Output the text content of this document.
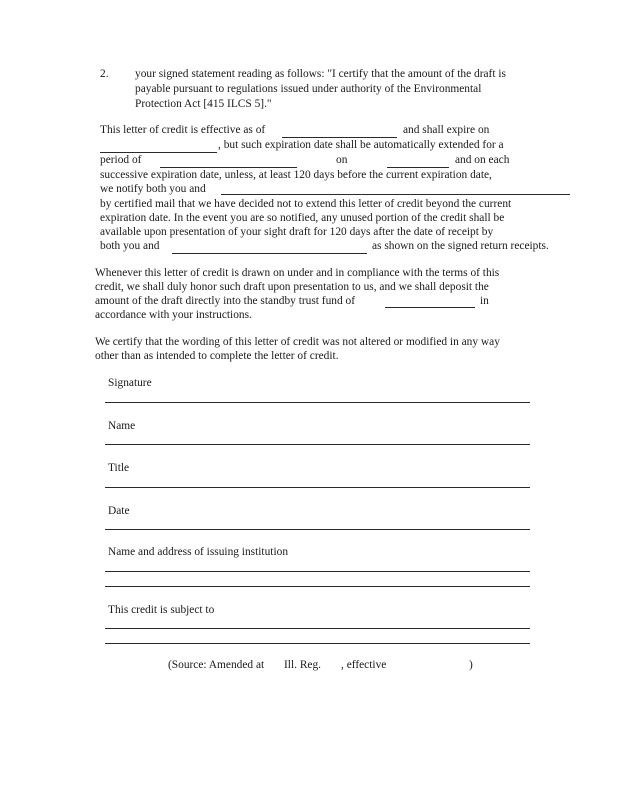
2. your signed statement reading as follows: "I certify that the amount of the draft is
payable pursuant to regulations issued under authority of the Environmental
Protection Act [415 ILCS 5]."
This letter of credit is effective as of	and shall expire on
, but such expiration date shall be automatically extended for a
period of	on	and on each
successive expiration date, unless, at least 120 days before the current expiration date,
we notify both you and
by certified mail that we have decided not to extend this letter of credit beyond the current
expiration date. In the event you are so notified, any unused portion of the credit shall be
available upon presentation of your sight draft for 120 days after the date of receipt by
both you and	as shown on the signed return receipts.
Whenever this letter of credit is drawn on under and in compliance with the terms of this
credit, we shall duly honor such draft upon presentation to us, and we shall deposit the
amount of the draft directly into the standby trust fund of	in
accordance with your instructions.
We certify that the wording of this letter of credit was not altered or modified in any way
other than as intended to complete the letter of credit.
Signature
Name
Title
Date
Name and address of issuing institution
This credit is subject to
(Source: Amended at Ill. Reg. , effective	)
